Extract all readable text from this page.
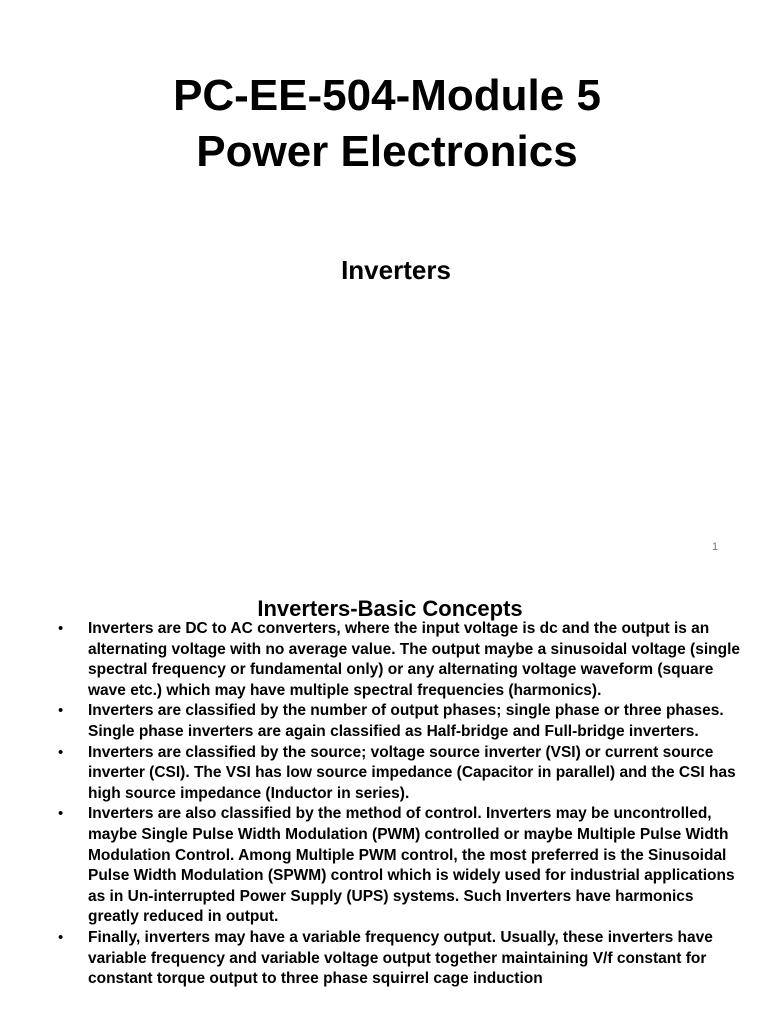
PC-EE-504-Module 5
Power Electronics
Inverters
1
Inverters-Basic Concepts
• Inverters are DC to AC converters, where the input voltage is dc and the output is an alternating voltage with no average value. The output maybe a sinusoidal voltage (single spectral frequency or fundamental only) or any alternating voltage waveform (square wave etc.) which may have multiple spectral frequencies (harmonics).
• Inverters are classified by the number of output phases; single phase or three phases. Single phase inverters are again classified as Half-bridge and Full-bridge inverters.
• Inverters are classified by the source; voltage source inverter (VSI) or current source inverter (CSI). The VSI has low source impedance (Capacitor in parallel) and the CSI has high source impedance (Inductor in series).
• Inverters are also classified by the method of control. Inverters may be uncontrolled, maybe Single Pulse Width Modulation (PWM) controlled or maybe Multiple Pulse Width Modulation Control. Among Multiple PWM control, the most preferred is the Sinusoidal Pulse Width Modulation (SPWM) control which is widely used for industrial applications as in Un-interrupted Power Supply (UPS) systems. Such Inverters have harmonics greatly reduced in output.
• Finally, inverters may have a variable frequency output. Usually, these inverters have variable frequency and variable voltage output together maintaining V/f constant for constant torque output to three phase squirrel cage induction
